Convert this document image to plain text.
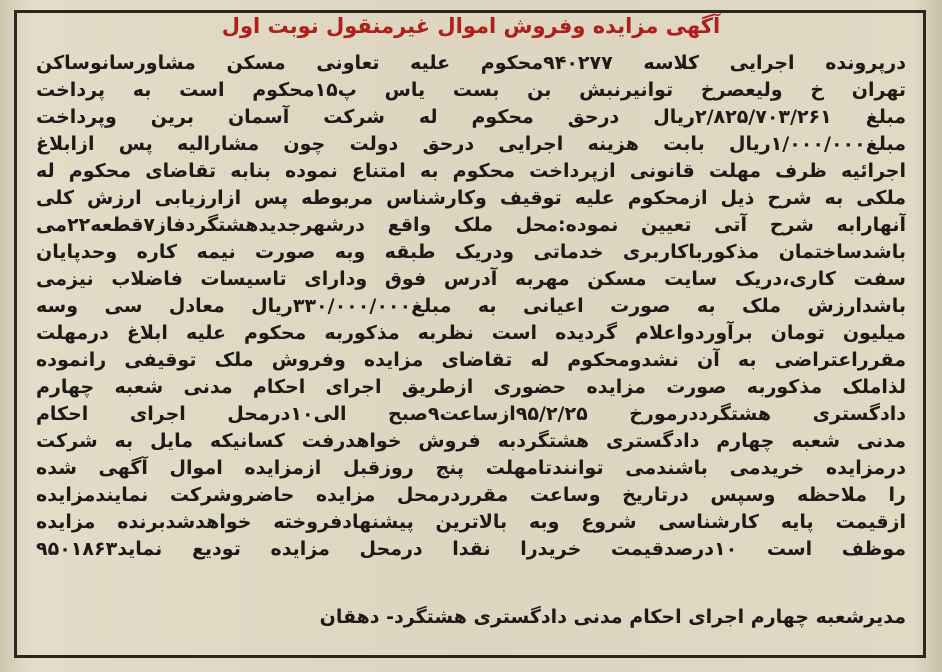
آگهی مزایده وفروش اموال غیرمنقول نوبت اول
درپرونده اجرایی کلاسه ۹۴۰۲۷۷محکوم علیه تعاونی مسکن مشاورسانوساکن
تهران خ ولیعصرخ توانیرنبش بن بست یاس پ۱۵محکوم است به پرداخت
مبلغ ۲/۸۲۵/۷۰۳/۲۶۱ریال درحق محکوم له شرکت آسمان برین وپرداخت
مبلغ۱/۰۰۰/۰۰۰ریال بابت هزینه اجرایی درحق دولت چون مشارالیه پس ازابلاغ
اجرائیه ظرف مهلت قانونی ازپرداخت محکوم به امتناع نموده بنابه تقاضای محکوم له
ملکی به شرح ذیل ازمحکوم علیه توقیف وکارشناس مربوطه پس ازارزیابی ارزش کلی
آنهارابه شرح آتی تعیین نموده:محل ملک واقع درشهرجدیدهشتگردفاز۷قطعه۲۲می
باشدساختمان مذکورباکاربری خدماتی ودریک طبقه وبه صورت نیمه کاره وحدپایان
سفت کاری،دریک سایت مسکن مهربه آدرس فوق ودارای تاسیسات فاضلاب نیزمی
باشدارزش ملک به صورت اعیانی به مبلغ۳۳۰/۰۰۰/۰۰۰ریال معادل سی وسه
میلیون تومان برآوردواعلام گردیده است نظربه مذکوربه محکوم علیه ابلاغ درمهلت
مقرراعتراضی به آن نشدومحکوم له تقاضای مزایده وفروش ملک توقیفی رانموده
لذاملک مذکوربه صورت مزایده حضوری ازطریق اجرای احکام مدنی شعبه چهارم
دادگستری هشتگرددرمورخ ۹۵/۲/۲۵ازساعت۹صبح الی۱۰درمحل اجرای احکام
مدنی شعبه چهارم دادگستری هشتگردبه فروش خواهدرفت کسانیکه مایل به شرکت
درمزایده خریدمی باشندمی توانندتامهلت پنج روزقبل ازمزایده اموال آگهی شده
را ملاحظه وسپس درتاریخ وساعت مقرردرمحل مزایده حاضروشرکت نمایندمزایده
ازقیمت پایه کارشناسی شروع وبه بالاترین پیشنهادفروخته خواهدشدبرنده مزایده
موظف است ۱۰درصدقیمت خریدرا نقدا درمحل مزایده تودیع نماید۹۵۰۱۸۶۳
مدیرشعبه چهارم اجرای احکام مدنی دادگستری هشتگرد- دهقان
